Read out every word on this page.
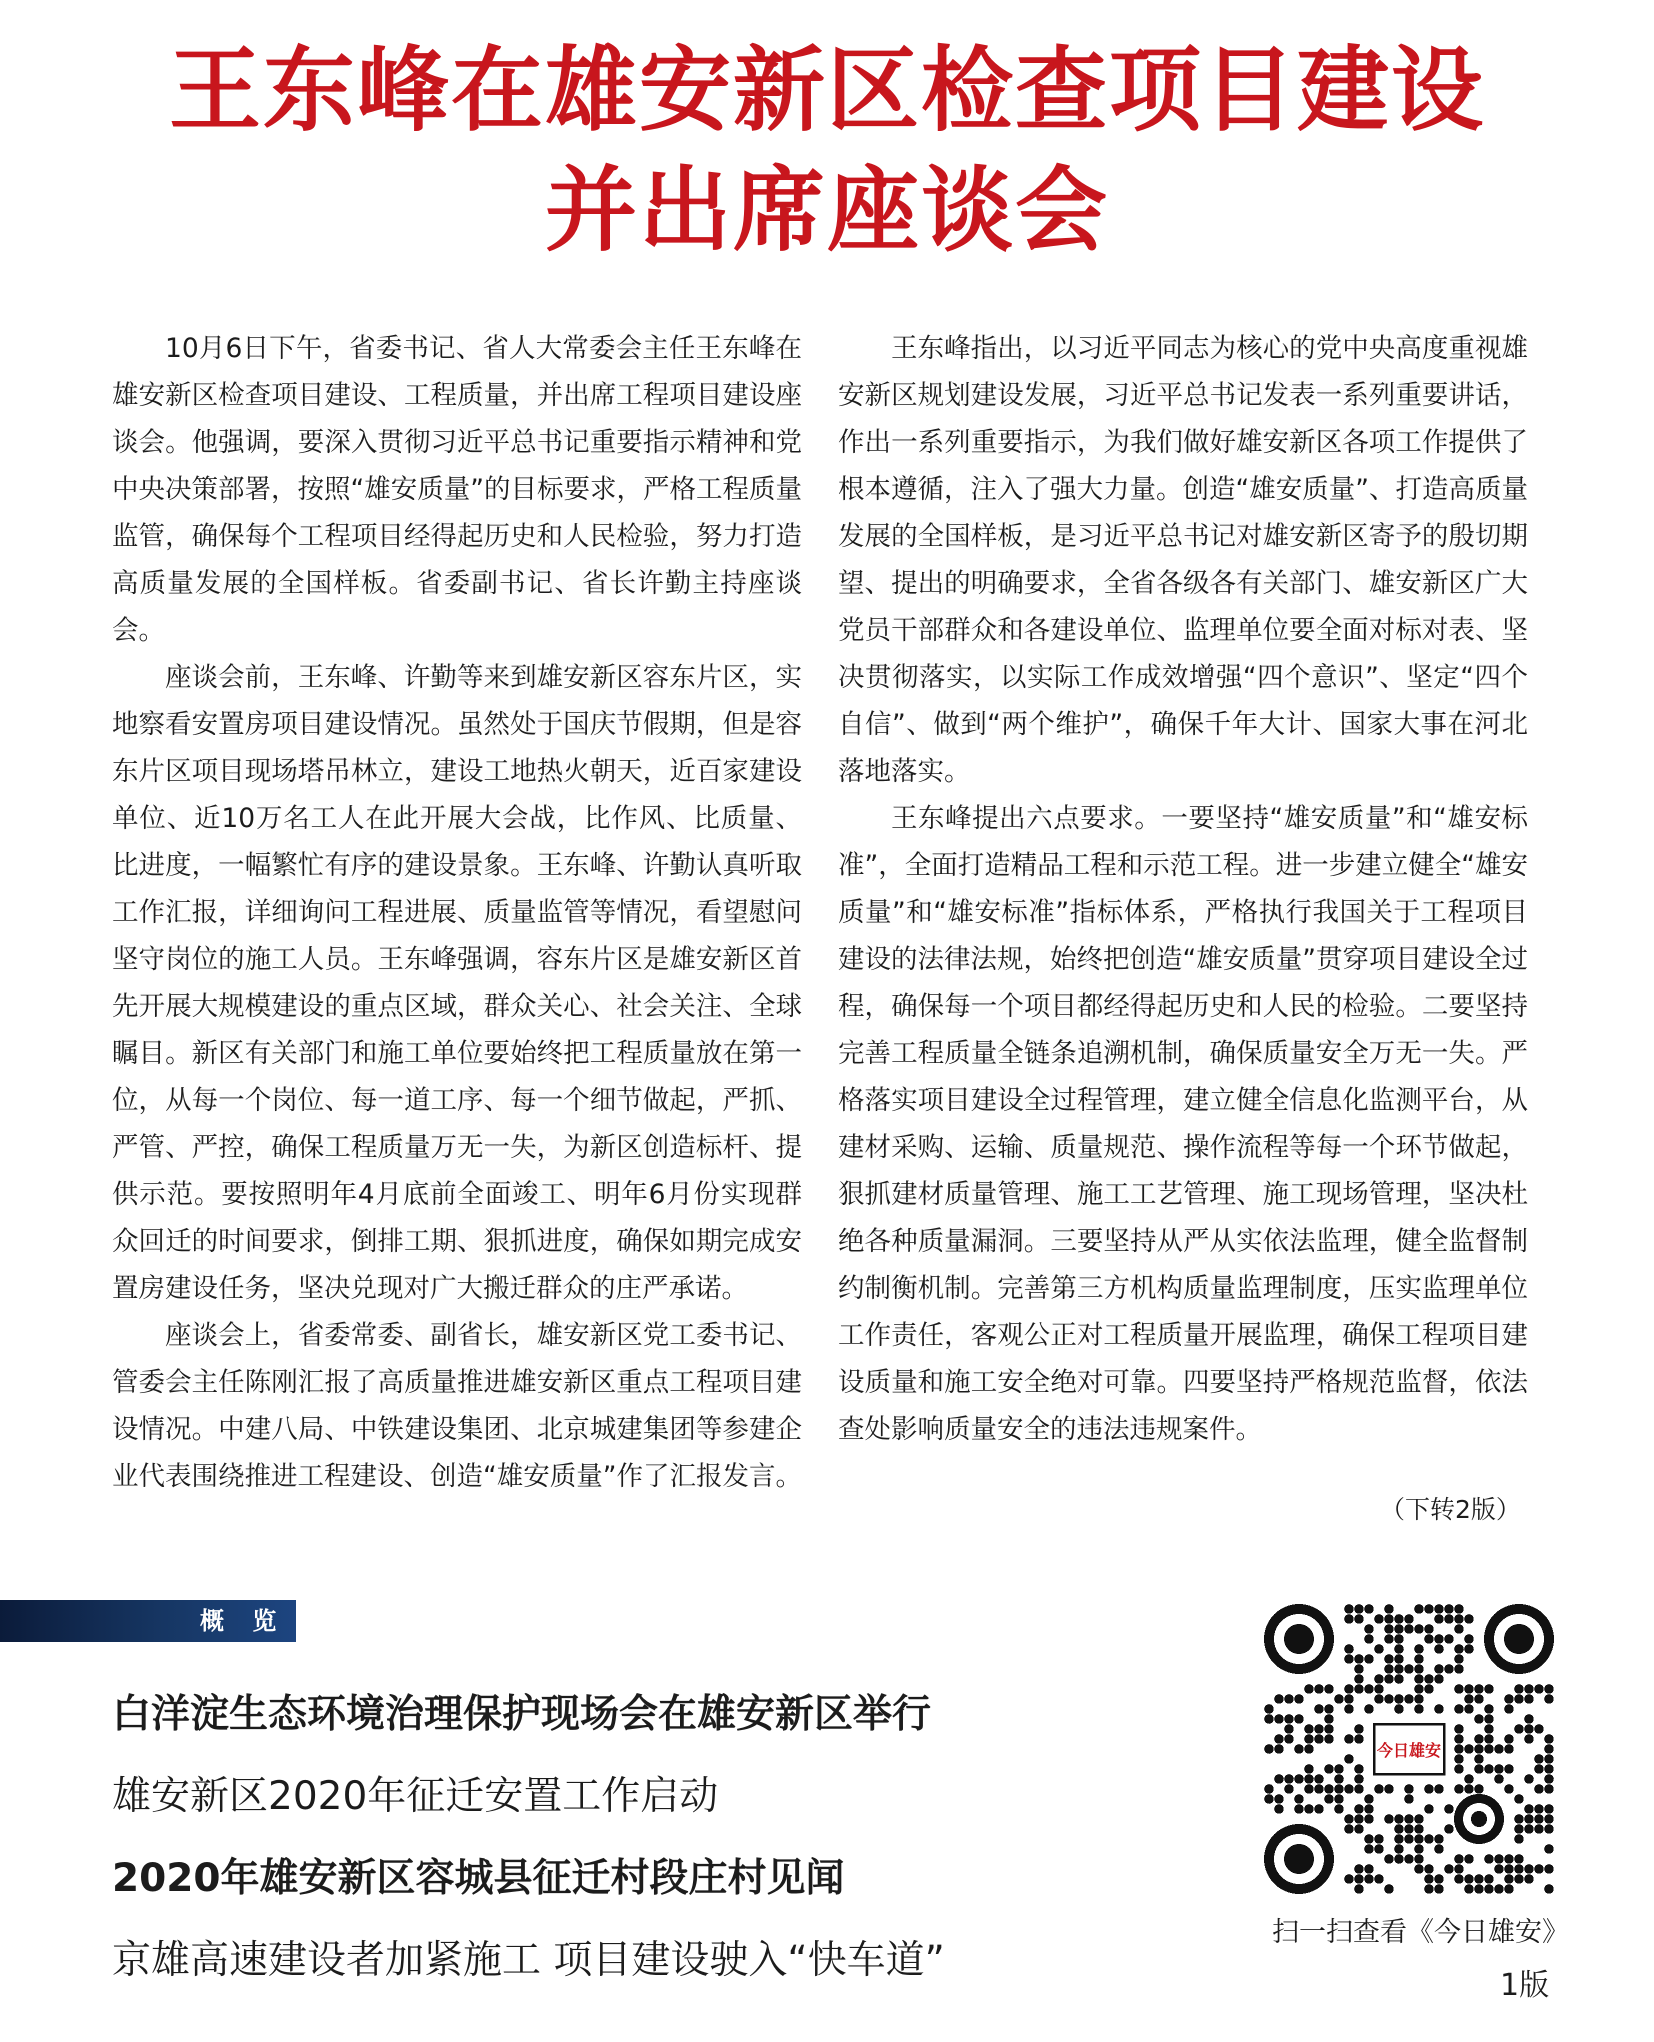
王东峰在雄安新区检查项目建设
并出席座谈会

10月6日下午，省委书记、省人大常委会主任王东峰在雄安新区检查项目建设、工程质量，并出席工程项目建设座谈会。他强调，要深入贯彻习近平总书记重要指示精神和党中央决策部署，按照“雄安质量”的目标要求，严格工程质量监管，确保每个工程项目经得起历史和人民检验，努力打造高质量发展的全国样板。省委副书记、省长许勤主持座谈会。

座谈会前，王东峰、许勤等来到雄安新区容东片区，实地察看安置房项目建设情况。虽然处于国庆节假期，但是容东片区项目现场塔吊林立，建设工地热火朝天，近百家建设单位、近10万名工人在此开展大会战，比作风、比质量、比进度，一幅繁忙有序的建设景象。王东峰、许勤认真听取工作汇报，详细询问工程进展、质量监管等情况，看望慰问坚守岗位的施工人员。王东峰强调，容东片区是雄安新区首先开展大规模建设的重点区域，群众关心、社会关注、全球瞩目。新区有关部门和施工单位要始终把工程质量放在第一位，从每一个岗位、每一道工序、每一个细节做起，严抓、严管、严控，确保工程质量万无一失，为新区创造标杆、提供示范。要按照明年4月底前全面竣工、明年6月份实现群众回迁的时间要求，倒排工期、狠抓进度，确保如期完成安置房建设任务，坚决兑现对广大搬迁群众的庄严承诺。

座谈会上，省委常委、副省长，雄安新区党工委书记、管委会主任陈刚汇报了高质量推进雄安新区重点工程项目建设情况。中建八局、中铁建设集团、北京城建集团等参建企业代表围绕推进工程建设、创造“雄安质量”作了汇报发言。

王东峰指出，以习近平同志为核心的党中央高度重视雄安新区规划建设发展，习近平总书记发表一系列重要讲话，作出一系列重要指示，为我们做好雄安新区各项工作提供了根本遵循，注入了强大力量。创造“雄安质量”、打造高质量发展的全国样板，是习近平总书记对雄安新区寄予的殷切期望、提出的明确要求，全省各级各有关部门、雄安新区广大党员干部群众和各建设单位、监理单位要全面对标对表、坚决贯彻落实，以实际工作成效增强“四个意识”、坚定“四个自信”、做到“两个维护”，确保千年大计、国家大事在河北落地落实。

王东峰提出六点要求。一要坚持“雄安质量”和“雄安标准”，全面打造精品工程和示范工程。进一步建立健全“雄安质量”和“雄安标准”指标体系，严格执行我国关于工程项目建设的法律法规，始终把创造“雄安质量”贯穿项目建设全过程，确保每一个项目都经得起历史和人民的检验。二要坚持完善工程质量全链条追溯机制，确保质量安全万无一失。严格落实项目建设全过程管理，建立健全信息化监测平台，从建材采购、运输、质量规范、操作流程等每一个环节做起，狠抓建材质量管理、施工工艺管理、施工现场管理，坚决杜绝各种质量漏洞。三要坚持从严从实依法监理，健全监督制约制衡机制。完善第三方机构质量监理制度，压实监理单位工作责任，客观公正对工程质量开展监理，确保工程项目建设质量和施工安全绝对可靠。四要坚持严格规范监督，依法查处影响质量安全的违法违规案件。

（下转2版）
概 览
白洋淀生态环境治理保护现场会在雄安新区举行
雄安新区2020年征迁安置工作启动
2020年雄安新区容城县征迁村段庄村见闻
京雄高速建设者加紧施工 项目建设驶入“快车道”
今日雄安
扫一扫查看《今日雄安》
1版
